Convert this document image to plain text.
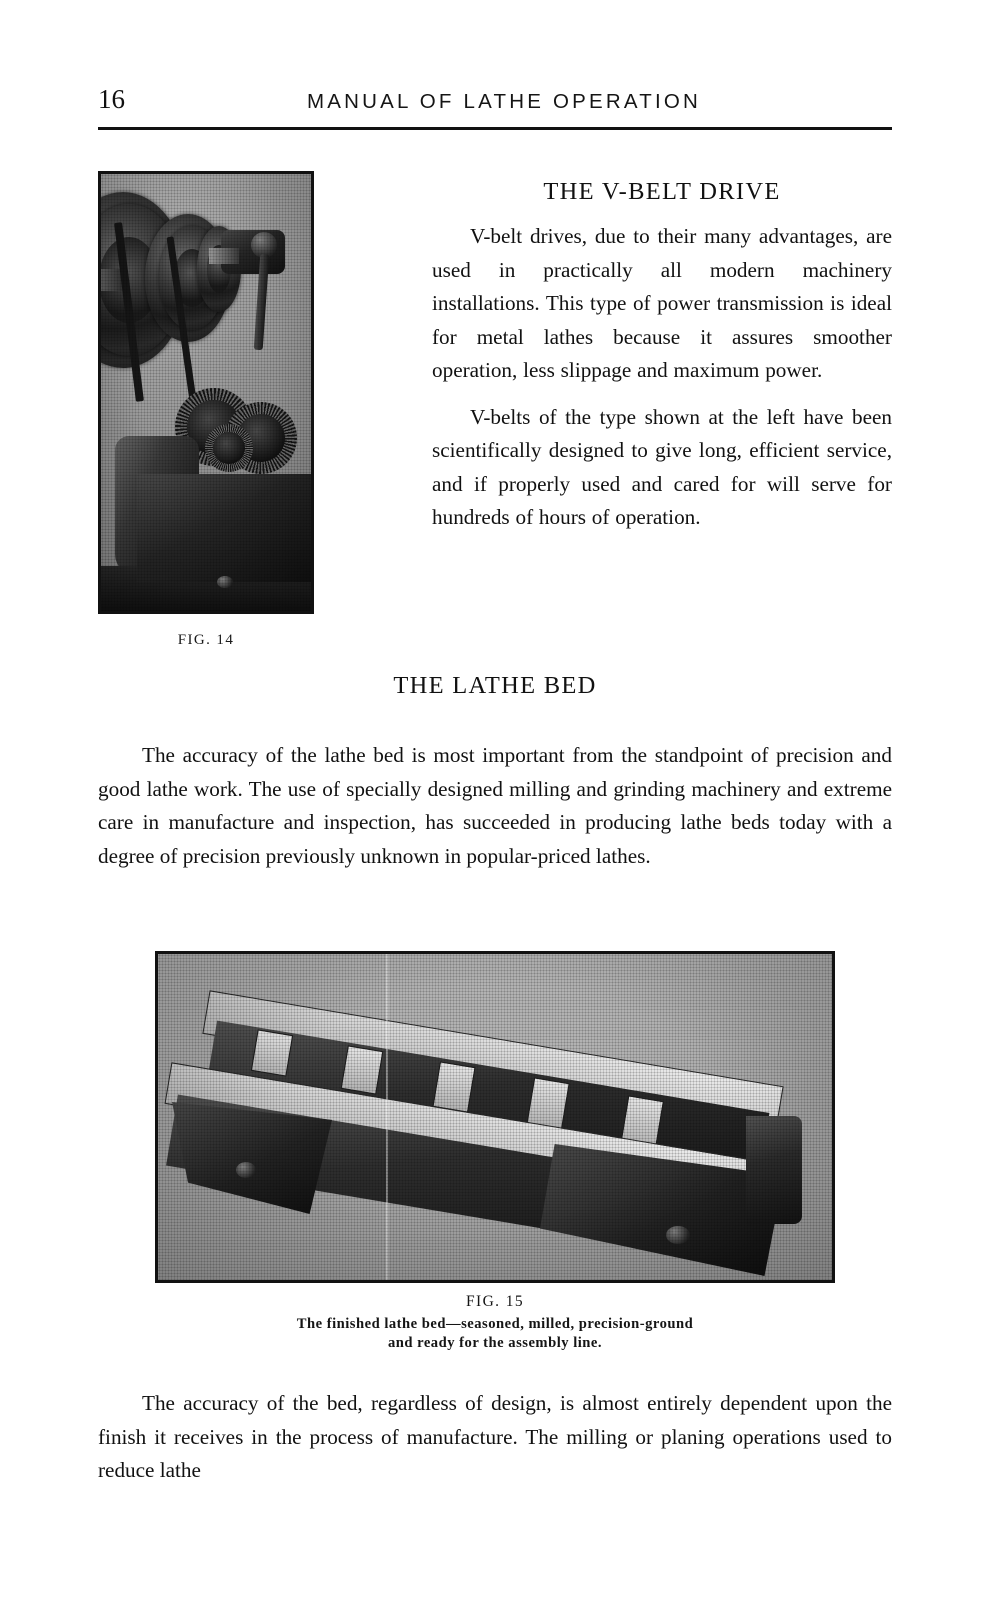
16	MANUAL OF LATHE OPERATION
FIG. 14
THE V-BELT DRIVE

V-belt drives, due to their many advantages, are used in practically all modern machinery installations. This type of power transmission is ideal for metal lathes because it assures smoother operation, less slippage and maximum power.

V-belts of the type shown at the left have been scientifically designed to give long, efficient service, and if properly used and cared for will serve for hundreds of hours of operation.

THE LATHE BED

The accuracy of the lathe bed is most important from the standpoint of precision and good lathe work. The use of specially designed milling and grinding machinery and extreme care in manufacture and inspection, has succeeded in producing lathe beds today with a degree of precision previously unknown in popular-priced lathes.

FIG. 15
The finished lathe bed—seasoned, milled, precision-ground
and ready for the assembly line.

The accuracy of the bed, regardless of design, is almost entirely dependent upon the finish it receives in the process of manufacture. The milling or planing operations used to reduce lathe
